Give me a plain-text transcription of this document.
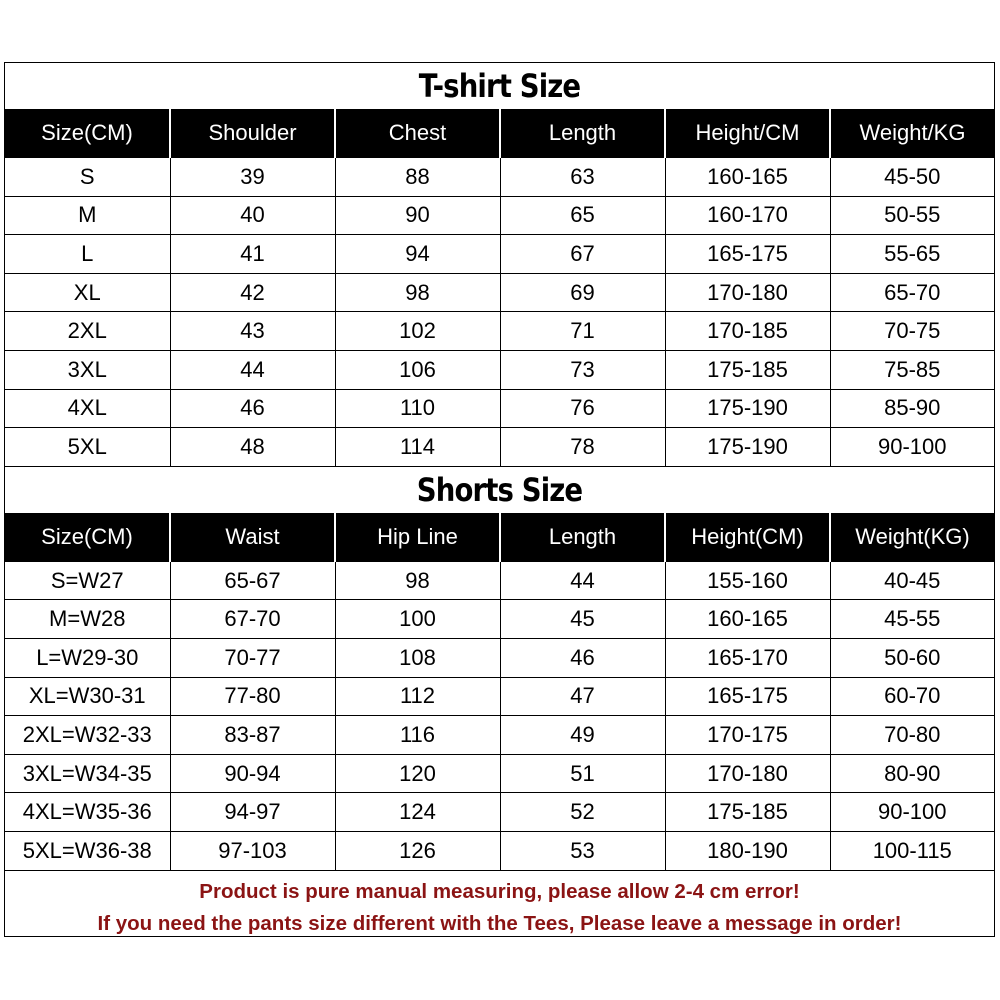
T-shirt Size
Size(CM)	Shoulder	Chest	Length	Height/CM	Weight/KG
S	39	88	63	160-165	45-50
M	40	90	65	160-170	50-55
L	41	94	67	165-175	55-65
XL	42	98	69	170-180	65-70
2XL	43	102	71	170-185	70-75
3XL	44	106	73	175-185	75-85
4XL	46	110	76	175-190	85-90
5XL	48	114	78	175-190	90-100
Shorts Size
Size(CM)	Waist	Hip Line	Length	Height(CM)	Weight(KG)
S=W27	65-67	98	44	155-160	40-45
M=W28	67-70	100	45	160-165	45-55
L=W29-30	70-77	108	46	165-170	50-60
XL=W30-31	77-80	112	47	165-175	60-70
2XL=W32-33	83-87	116	49	170-175	70-80
3XL=W34-35	90-94	120	51	170-180	80-90
4XL=W35-36	94-97	124	52	175-185	90-100
5XL=W36-38	97-103	126	53	180-190	100-115
Product is pure manual measuring, please allow 2-4 cm error!
If you need the pants size different with the Tees, Please leave a message in order!
